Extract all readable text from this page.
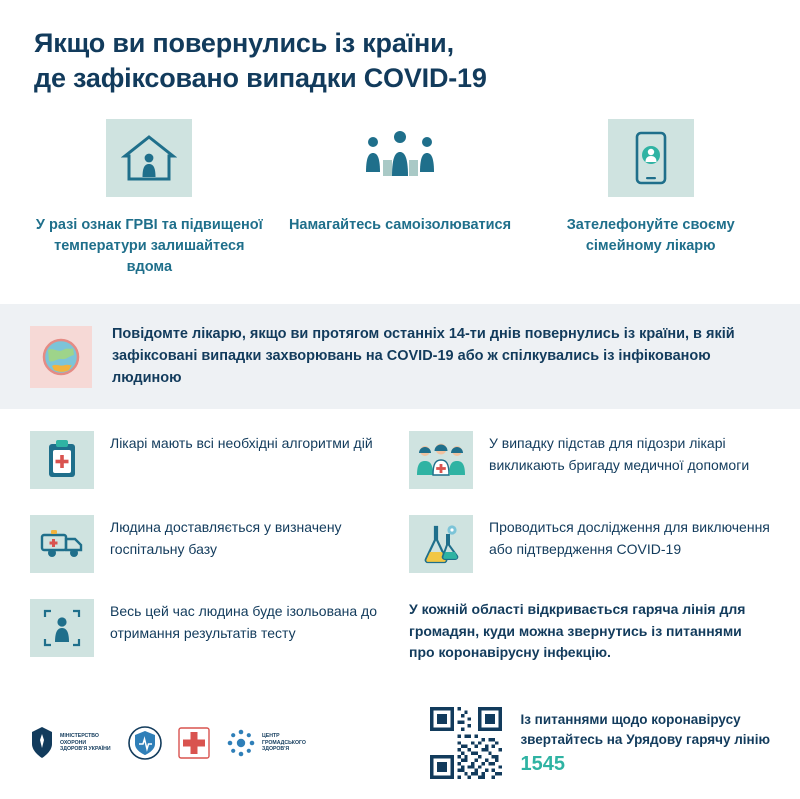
Якщо ви повернулись із країни,
де зафіксовано випадки COVID-19
У разі ознак ГРВІ та підвищеної температури залишайтеся вдома
Намагайтесь самоізолюватися	Зателефонуйте своєму сімейному лікарю
Повідомте лікарю, якщо ви протягом останніх 14-ти днів повернулись із країни, в якій зафіксовані випадки захворювань на COVID-19 або ж спілкувались із інфікованою людиною
Лікарі мають всі необхідні алгоритми дій
Людина доставляється у визначену госпітальну базу
Весь цей час людина буде ізольована до отримання результатів тесту
У випадку підстав для підозри лікарі викликають бригаду медичної допомоги
Проводиться дослідження для виключення або підтвердження COVID-19
У кожній області відкривається гаряча лінія для громадян, куди можна звернутись із питаннями про коронавірусну інфекцію.
МІНІСТЕРСТВО ОХОРОНИ ЗДОРОВ'Я УКРАЇНИ
ЦЕНТР ГРОМАДСЬКОГО ЗДОРОВ'Я
Із питаннями щодо коронавірусу
звертайтесь на Урядову гарячу лінію
1545
